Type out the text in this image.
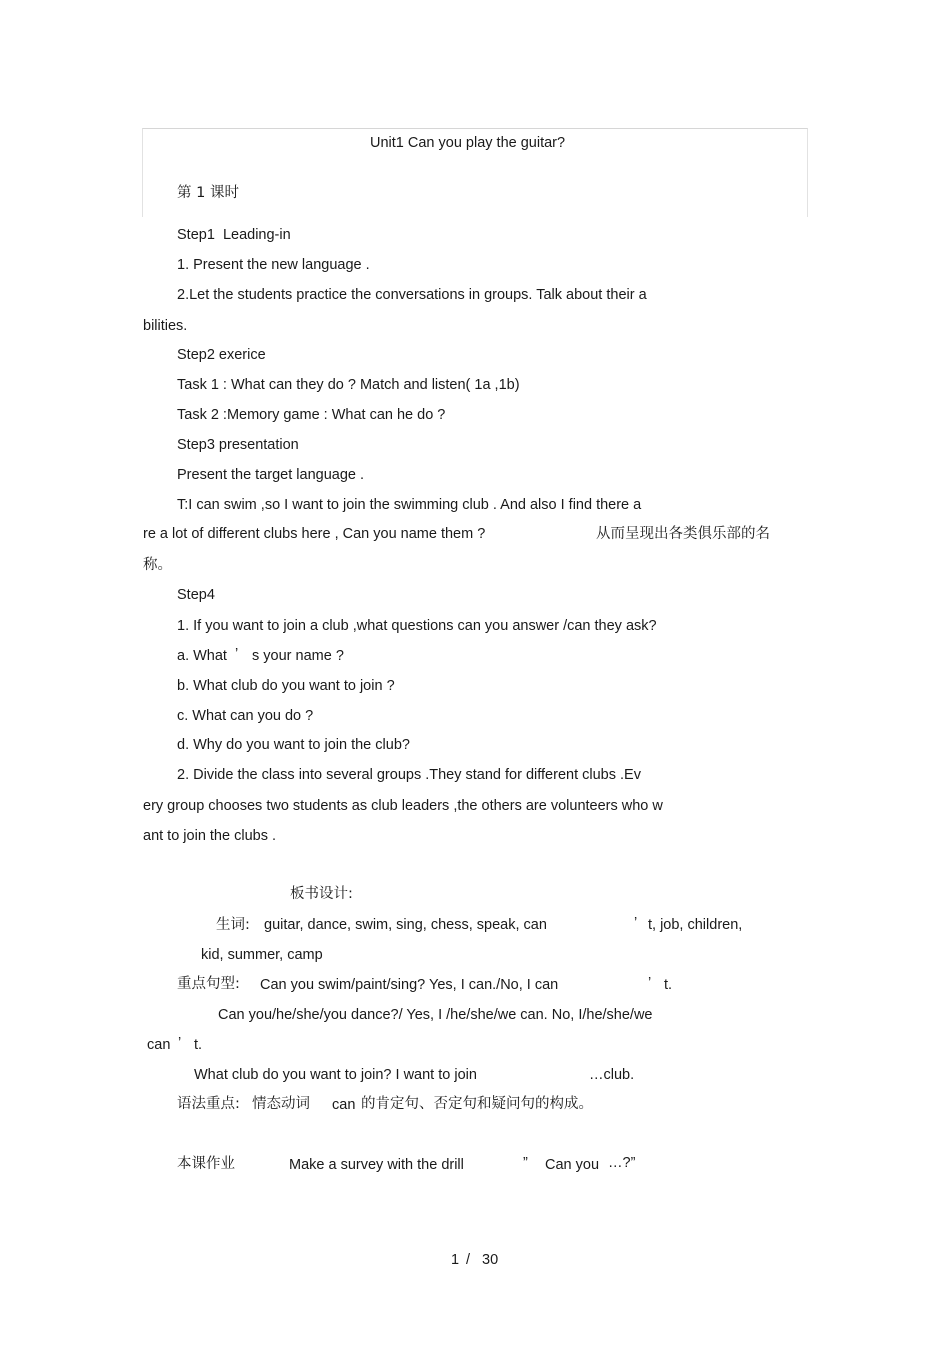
Unit1 Can you play the guitar?
第 1 课时
Step1  Leading-in
1. Present the new language .
2.Let the students practice the conversations in groups. Talk about their a
bilities.
Step2 exerice
Task 1 : What can they do ? Match and listen( 1a ,1b)
Task 2 :Memory game : What can he do ?
Step3 presentation
Present the target language .
T:I can swim ,so I want to join the swimming club . And also I find there a
re a lot of different clubs here , Can you name them ?	从而呈现出各类俱乐部的名
称。
Step4
1. If you want to join a club ,what questions can you answer /can they ask?
a. What ’ s your name ?
b. What club do you want to join ?
c. What can you do ?
d. Why do you want to join the club?
2. Divide the class into several groups .They stand for different clubs .Ev
ery group chooses two students as club leaders ,the others are volunteers who w
ant to join the clubs .
板书设计:
生词: guitar, dance, swim, sing, chess, speak, can	’ t, job, children,
kid, summer, camp
重点句型: Can you swim/paint/sing? Yes, I can./No, I can	’ t.
Can you/he/she/you dance?/ Yes, I /he/she/we can. No, I/he/she/we
can ’ t.
What club do you want to join? I want to join	…club.
语法重点: 情态动词 can 的肯定句、否定句和疑问句的构成。
本课作业	Make a survey with the drill	” Can you …?”
1 / 30
